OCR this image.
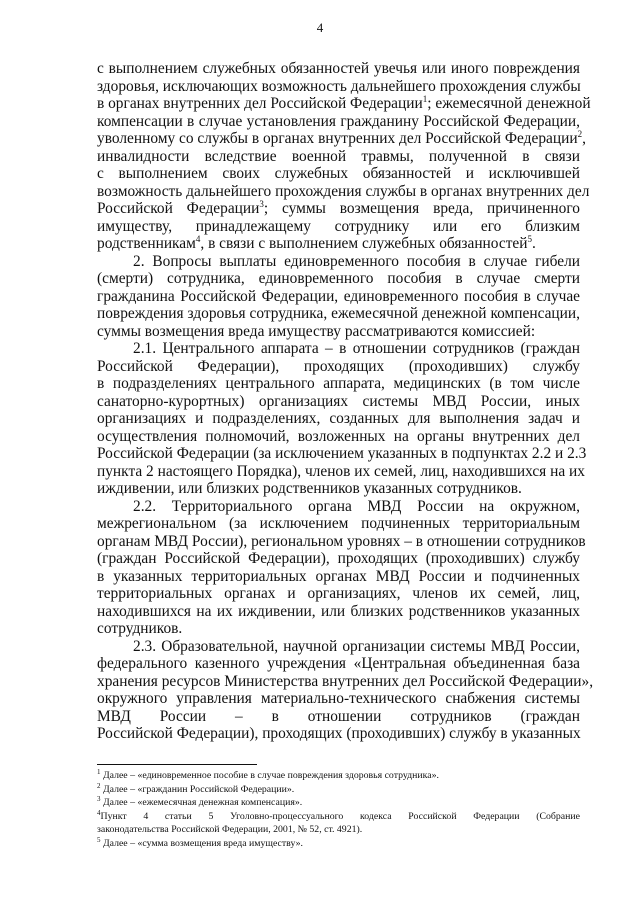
4
с выполнением служебных обязанностей увечья или иного повреждения
здоровья, исключающих возможность дальнейшего прохождения службы
в органах внутренних дел Российской Федерации$^1$; ежемесячной денежной
компенсации в случае установления гражданину Российской Федерации,
уволенному со службы в органах внутренних дел Российской Федерации$^2$,
инвалидности вследствие военной травмы, полученной в связи
с выполнением своих служебных обязанностей и исключившей
возможность дальнейшего прохождения службы в органах внутренних дел
Российской Федерации$^3$; суммы возмещения вреда, причиненного
имуществу, принадлежащему сотруднику или его близким
родственникам$^4$, в связи с выполнением служебных обязанностей$^5$.
2. Вопросы выплаты единовременного пособия в случае гибели
(смерти) сотрудника, единовременного пособия в случае смерти
гражданина Российской Федерации, единовременного пособия в случае
повреждения здоровья сотрудника, ежемесячной денежной компенсации,
суммы возмещения вреда имуществу рассматриваются комиссией:
2.1. Центрального аппарата – в отношении сотрудников (граждан
Российской Федерации), проходящих (проходивших) службу
в подразделениях центрального аппарата, медицинских (в том числе
санаторно-курортных) организациях системы МВД России, иных
организациях и подразделениях, созданных для выполнения задач и
осуществления полномочий, возложенных на органы внутренних дел
Российской Федерации (за исключением указанных в подпунктах 2.2 и 2.3
пункта 2 настоящего Порядка), членов их семей, лиц, находившихся на их
иждивении, или близких родственников указанных сотрудников.
2.2. Территориального органа МВД России на окружном,
межрегиональном (за исключением подчиненных территориальным
органам МВД России), региональном уровнях – в отношении сотрудников
(граждан Российской Федерации), проходящих (проходивших) службу
в указанных территориальных органах МВД России и подчиненных
территориальных органах и организациях, членов их семей, лиц,
находившихся на их иждивении, или близких родственников указанных
сотрудников.
2.3. Образовательной, научной организации системы МВД России,
федерального казенного учреждения «Центральная объединенная база
хранения ресурсов Министерства внутренних дел Российской Федерации»,
окружного управления материально-технического снабжения системы
МВД России – в отношении сотрудников (граждан
Российской Федерации), проходящих (проходивших) службу в указанных
$^1$ Далее – «единовременное пособие в случае повреждения здоровья сотрудника».
$^2$ Далее – «гражданин Российской Федерации».
$^3$ Далее – «ежемесячная денежная компенсация».
$^4$Пункт 4 статьи 5 Уголовно-процессуального кодекса Российской Федерации (Собрание
законодательства Российской Федерации, 2001, № 52, ст. 4921).
$^5$ Далее – «сумма возмещения вреда имуществу».
